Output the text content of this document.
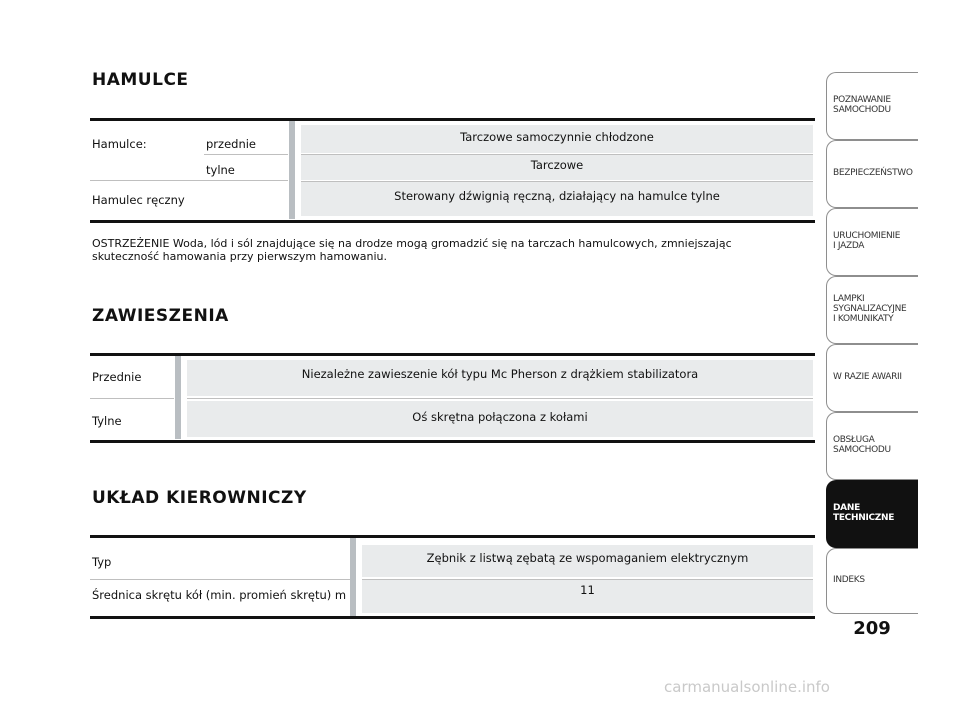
HAMULCE
Hamulce:	przednie
tylne
Hamulec ręczny
Tarczowe samoczynnie chłodzone
Tarczowe
Sterowany dźwignią ręczną, działający na hamulce tylne
OSTRZEŻENIE Woda, lód i sól znajdujące się na drodze mogą gromadzić się na tarczach hamulcowych, zmniejszając skuteczność hamowania przy pierwszym hamowaniu.
ZAWIESZENIA
Przednie
Tylne
Niezależne zawieszenie kół typu Mc Pherson z drążkiem stabilizatora
Oś skrętna połączona z kołami
UKŁAD KIEROWNICZY
Typ
Średnica skrętu kół (min. promień skrętu) m
Zębnik z listwą zębatą ze wspomaganiem elektrycznym
11
POZNAWANIE
SAMOCHODU
BEZPIECZEŃSTWO
URUCHOMIENIE
I JAZDA
LAMPKI
SYGNALIZACYJNE
I KOMUNIKATY
W RAZIE AWARII
OBSŁUGA
SAMOCHODU
DANE
TECHNICZNE
INDEKS
209
carmanualsonline.info
